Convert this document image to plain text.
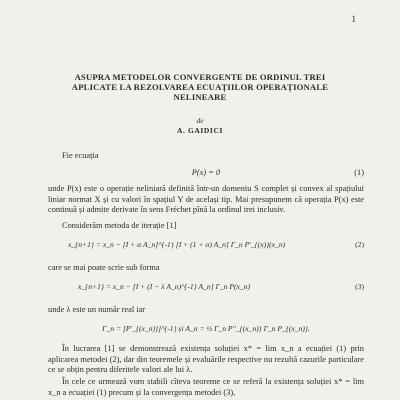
1
ASUPRA METODELOR CONVERGENTE DE ORDINUL TREI
APLICATE LA REZOLVAREA ECUAȚIILOR OPERAȚIONALE
NELINEARE
de
A. GAIDICI
Fie ecuația
P(x) = 0	(1)
unde P(x) este o operație neliniară definită într-un domeniu S complet și convex al spațiului liniar normat X și cu valori în spațiul Y de același tip. Mai presupunem că operația P(x) este continuă și admite derivate în sens Fréchet pînă la ordinul trei inclusiv.
Considerăm metoda de iterație [1]
x_{n+1} = x_n − [I + α A_n]^{-1} [I + (1 + α) A_n] Γ_n P'_{(x)}(x_n)	(2)
care se mai poate scrie sub forma
x_{n+1} = x_n − [I + (I − λ A_n)^{-1} A_n] Γ_n P(x_n)	(3)
unde λ este un număr real iar
Γ_n = [P'_{(x_n)}]^{-1} și A_n = ½ Γ_n P''_{(x_n)} Γ_n P_{(x_n)}.
În lucrarea [1] se demonstrează existența soluției x* = lim x_n a ecuației (1) prin aplicarea metodei (2), dar din teoremele și evaluările respective nu rezultă cazurile particulare ce se obțin pentru diferitele valori ale lui λ.
În cele ce urmează vom stabili cîteva teoreme ce se referă la existența soluției x* = lim x_n a ecuației (1) precum și la convergența metodei (3),
